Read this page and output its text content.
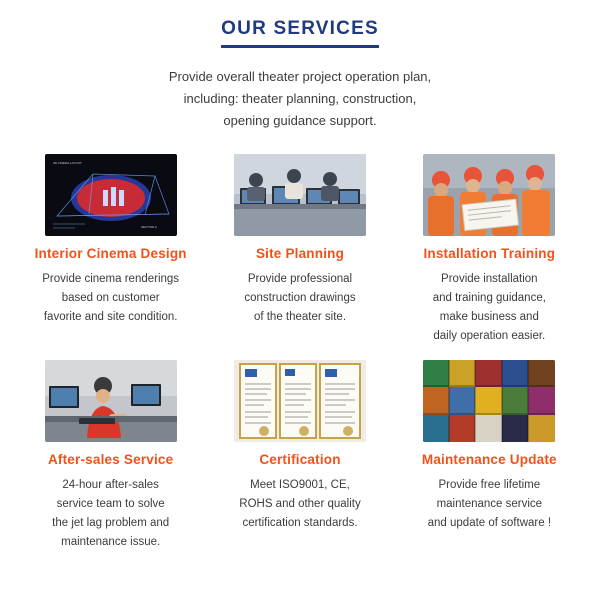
OUR SERVICES
Provide overall theater project operation plan,
including: theater planning, construction,
opening guidance support.
3D CINEMA LAYOUT
SECTION A
Interior Cinema Design
Provide cinema renderings
based on customer
favorite and site condition.
Site Planning
Provide professional
construction drawings
of the theater site.
Installation Training
Provide installation
and training guidance,
make business and
daily operation easier.
After-sales Service
24-hour after-sales
service team to solve
the jet lag problem and
maintenance issue.
Certification
Meet ISO9001, CE,
ROHS and other quality
certification standards.
Maintenance Update
Provide free lifetime
maintenance service
and update of software !
